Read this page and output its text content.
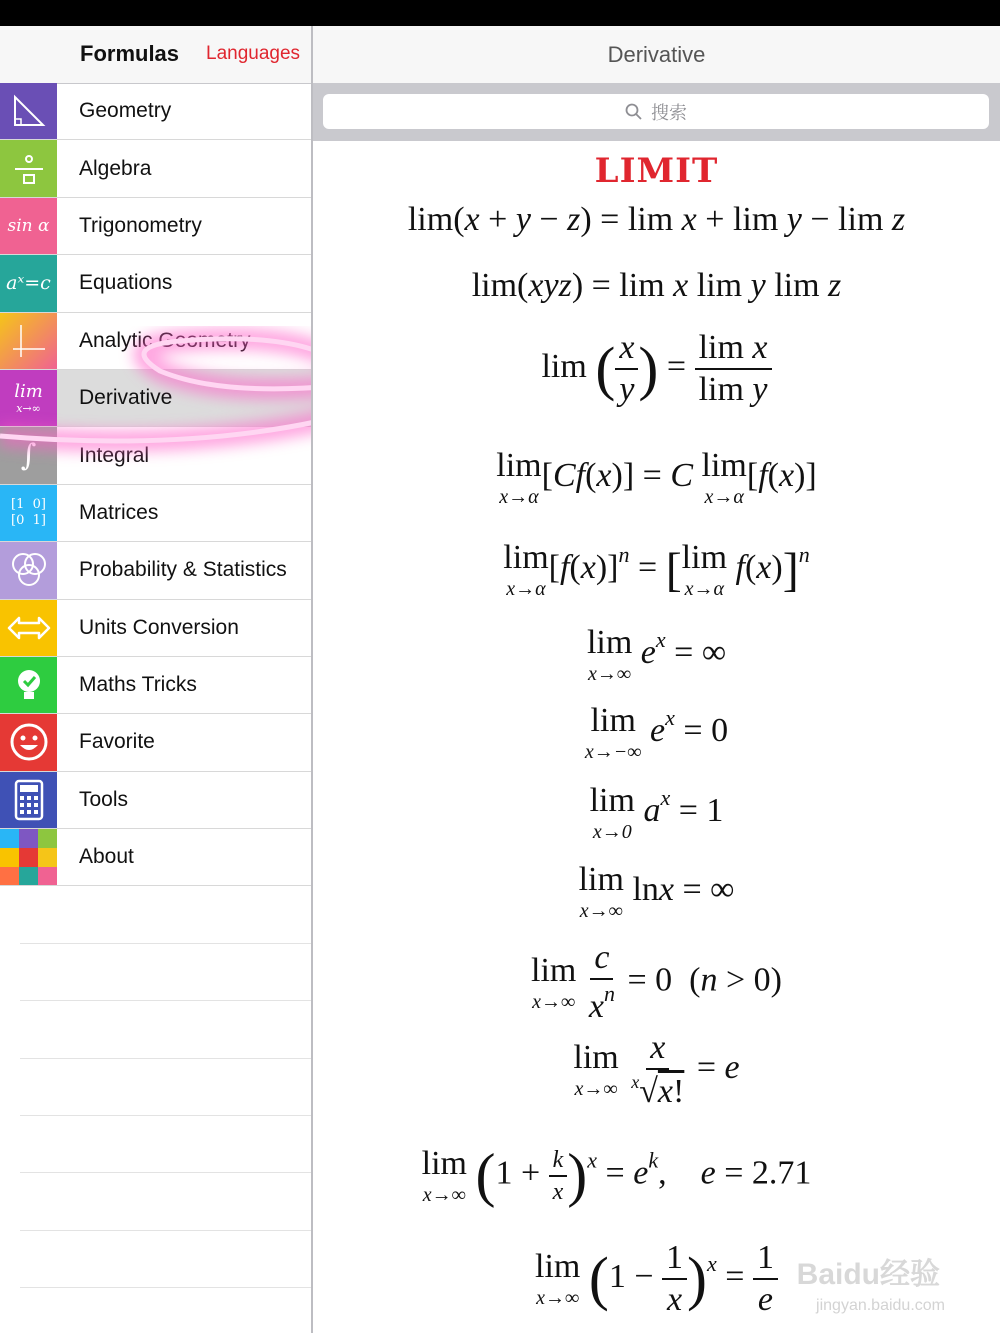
Formulas Languages
Geometry
Algebra
sin α	Trigonometry
aˣ=c Equations
Analytic Geometry
lim
x→∞ Derivative
∫	Integral
[1  0]
[0  1]	Matrices
Probability & Statistics
Units Conversion
Maths Tricks
Favorite
Tools
About
Derivative
搜索
LIMIT
lim(x + y − z) = lim x + lim y − lim z
lim(xyz) = lim x lim y lim z
lim ( $\frac{x}{y}$ ) = $\frac{\text{lim x}}{\text{lim y}}$
lim
x→α
[Cf(x)] = C lim
x→α
[f(x)]
lim
x→α
$[f(x)]^n = [\lim$
x→α
f(x)]$^n$
lim
x→∞
$e^x$ = ∞
lim
x→−∞
$e^x = 0$
lim
x→0
$a^x = 1$
lim
x→∞
lnx = ∞
lim
x→∞
$\frac{c}{x^n} = 0$  (n > 0)
lim
x→∞
$\frac{x}{^x√x!} = e$
lim
x→∞ $(1 + \frac{k}{x} )^x = e^k$,    e = 2.71
lim
x→∞ $(1 - \frac{1}{x} )^x = \frac{1}{e}$ Baidu经验
jingyan.baidu.com
